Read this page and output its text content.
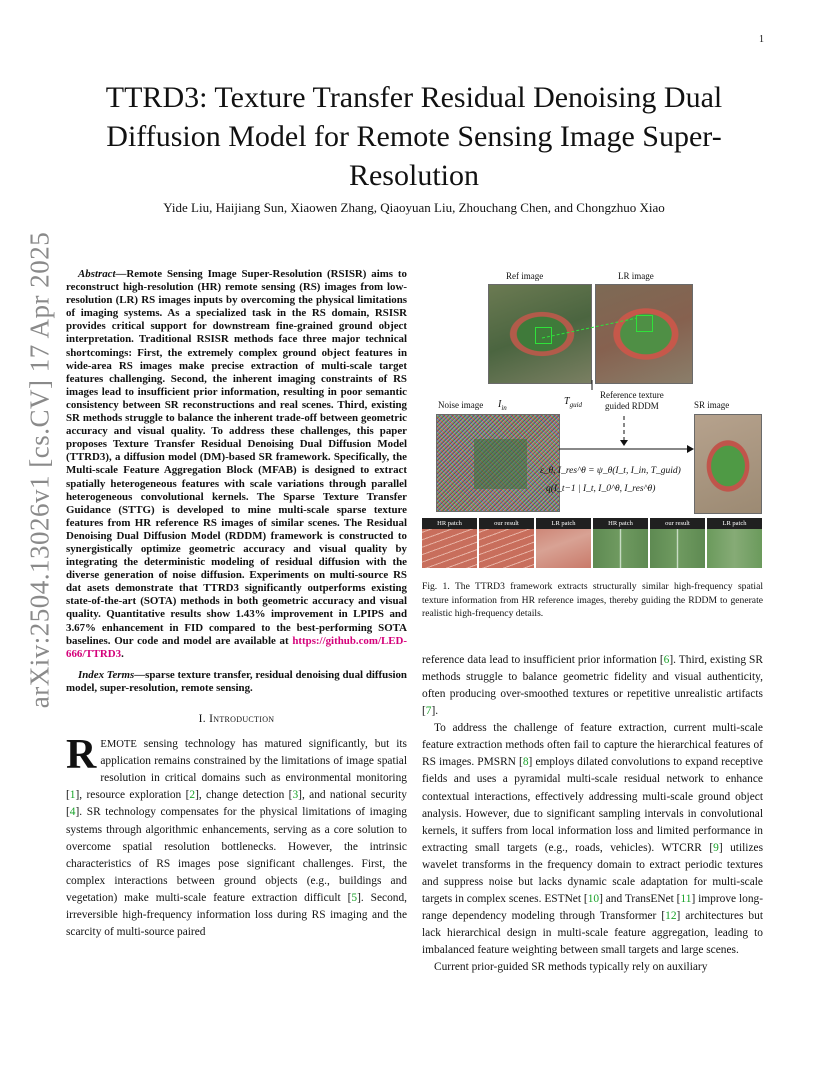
1
arXiv:2504.13026v1 [cs.CV] 17 Apr 2025
TTRD3: Texture Transfer Residual Denoising Dual Diffusion Model for Remote Sensing Image Super-Resolution
Yide Liu, Haijiang Sun, Xiaowen Zhang, Qiaoyuan Liu, Zhouchang Chen, and Chongzhuo Xiao

Abstract—Remote Sensing Image Super-Resolution (RSISR) aims to reconstruct high-resolution (HR) remote sensing (RS) images from low-resolution (LR) RS images inputs by overcoming the physical limitations of imaging systems. As a specialized task in the RS domain, RSISR provides critical support for downstream fine-grained ground object interpretation. Traditional RSISR methods face three major technical shortcomings: First, the extremely complex ground object features in wide-area RS images make precise extraction of multi-scale target features challenging. Second, the inherent imaging constraints of RS images lead to insufficient prior information, resulting in poor semantic consistency between SR reconstructions and real scenes. Third, existing SR methods struggle to balance the inherent trade-off between geometric accuracy and visual quality. To address these challenges, this paper proposes Texture Transfer Residual Denoising Dual Diffusion Model (TTRD3), a diffusion model (DM)-based SR framework. Specifically, the Multi-scale Feature Aggregation Block (MFAB) is designed to extract spatially heterogeneous features with scale variations through parallel heterogeneous convolutional kernels. The Sparse Texture Transfer Guidance (STTG) is developed to mine multi-scale sparse texture features from HR reference RS images of similar scenes. The Residual Denoising Dual Diffusion Model (RDDM) framework is constructed to synergistically optimize geometric accuracy and visual quality by integrating the deterministic modeling of residual diffusion with the diverse generation of noise diffusion. Experiments on multi-source RS dat asets demonstrate that TTRD3 significantly outperforms existing state-of-the-art (SOTA) methods in both geometric accuracy and visual quality. Quantitative results show 1.43% improvement in LPIPS and 3.67% enhancement in FID compared to the best-performing SOTA baselines. Our code and model are available at https://github.com/LED-666/TTRD3.

Index Terms—sparse texture transfer, residual denoising dual diffusion model, super-resolution, remote sensing.

I. Introduction

REMOTE sensing technology has matured significantly, but its application remains constrained by the limitations of image spatial resolution in critical domains such as environmental monitoring [1], resource exploration [2], change detection [3], and national security [4]. SR technology compensates for the physical limitations of imaging systems through algorithmic enhancements, serving as a core solution to overcome spatial resolution bottlenecks. However, the intrinsic characteristics of RS images pose significant challenges. First, the complex interactions between ground objects (e.g., buildings and vegetation) make multi-scale feature extraction difficult [5]. Second, irreversible high-frequency information loss during RS imaging and the scarcity of multi-source paired

Ref image	LR image
Noise image $I_{in}$
$T_{guid}$
Reference texture
guided RDDM	SR image
ε_θ, I_res^θ = ψ_θ(I_t, I_in, T_guid)
q(I_t−1 | I_t, I_0^θ, I_res^θ)
HR patch	our result	LR patch	HR patch	our result	LR patch

Fig. 1. The TTRD3 framework extracts structurally similar high-frequency spatial texture information from HR reference images, thereby guiding the RDDM to generate realistic high-frequency details.

reference data lead to insufficient prior information [6]. Third, existing SR methods struggle to balance geometric fidelity and visual authenticity, often producing over-smoothed textures or repetitive unrealistic artifacts [7].

To address the challenge of feature extraction, current multi-scale feature extraction methods often fail to capture the hierarchical features of RS images. PMSRN [8] employs dilated convolutions to expand receptive fields and uses a pyramidal multi-scale residual network to enhance contextual interactions, effectively addressing multi-scale ground object analysis. However, due to significant sampling intervals in convolutional kernels, it suffers from local information loss and limited performance in extracting small targets (e.g., roads, vehicles). WTCRR [9] utilizes wavelet transforms in the frequency domain to extract periodic textures and suppress noise but lacks dynamic scale adaptation for multi-scale targets in complex scenes. ESTNet [10] and TransENet [11] improve long-range dependency modeling through Transformer [12] architectures but lack hierarchical design in multi-scale feature aggregation, leading to imbalanced feature weighting between small targets and large scenes.

Current prior-guided SR methods typically rely on auxiliary
